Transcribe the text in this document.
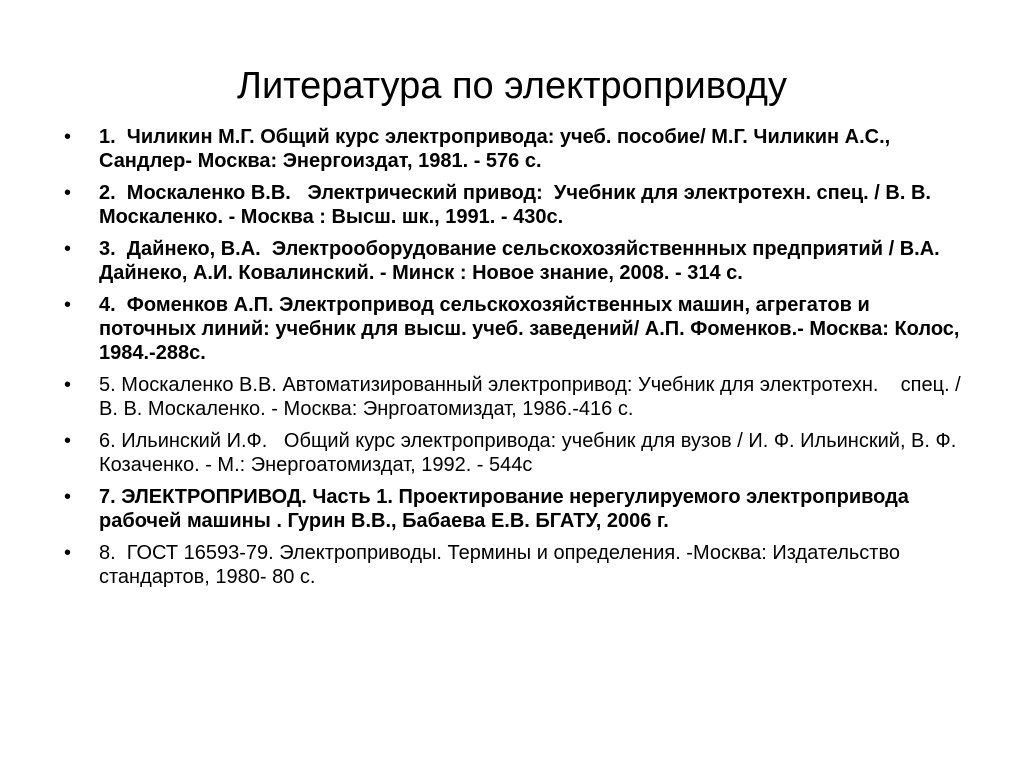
Литература по электроприводу
• 1.  Чиликин М.Г. Общий курс электропривода: учеб. пособие/ М.Г. Чиликин А.С., Сандлер- Москва: Энергоиздат, 1981. - 576 с.
• 2.  Москаленко В.В.   Электрический привод:  Учебник для электротехн. спец. / В. В. Москаленко. - Москва : Высш. шк., 1991. - 430с.
• 3.  Дайнеко, В.А.  Электрооборудование сельскохозяйственнных предприятий / В.А. Дайнеко, А.И. Ковалинский. - Минск : Новое знание, 2008. - 314 с.
• 4.  Фоменков А.П. Электропривод сельскохозяйственных машин, агрегатов и поточных линий: учебник для высш. учеб. заведений/ А.П. Фоменков.- Москва: Колос, 1984.-288с.
• 5. Москаленко В.В. Автоматизированный электропривод: Учебник для электротехн.    спец. / В. В. Москаленко. - Москва: Энргоатомиздат, 1986.-416 с.
• 6. Ильинский И.Ф.   Общий курс электропривода: учебник для вузов / И. Ф. Ильинский, В. Ф. Козаченко. - М.: Энергоатомиздат, 1992. - 544с
• 7. ЭЛЕКТРОПРИВОД. Часть 1. Проектирование нерегулируемого электропривода рабочей машины . Гурин В.В., Бабаева Е.В. БГАТУ, 2006 г.
• 8.  ГОСТ 16593-79. Электроприводы. Термины и определения. -Москва: Издательство стандартов, 1980- 80 с.
